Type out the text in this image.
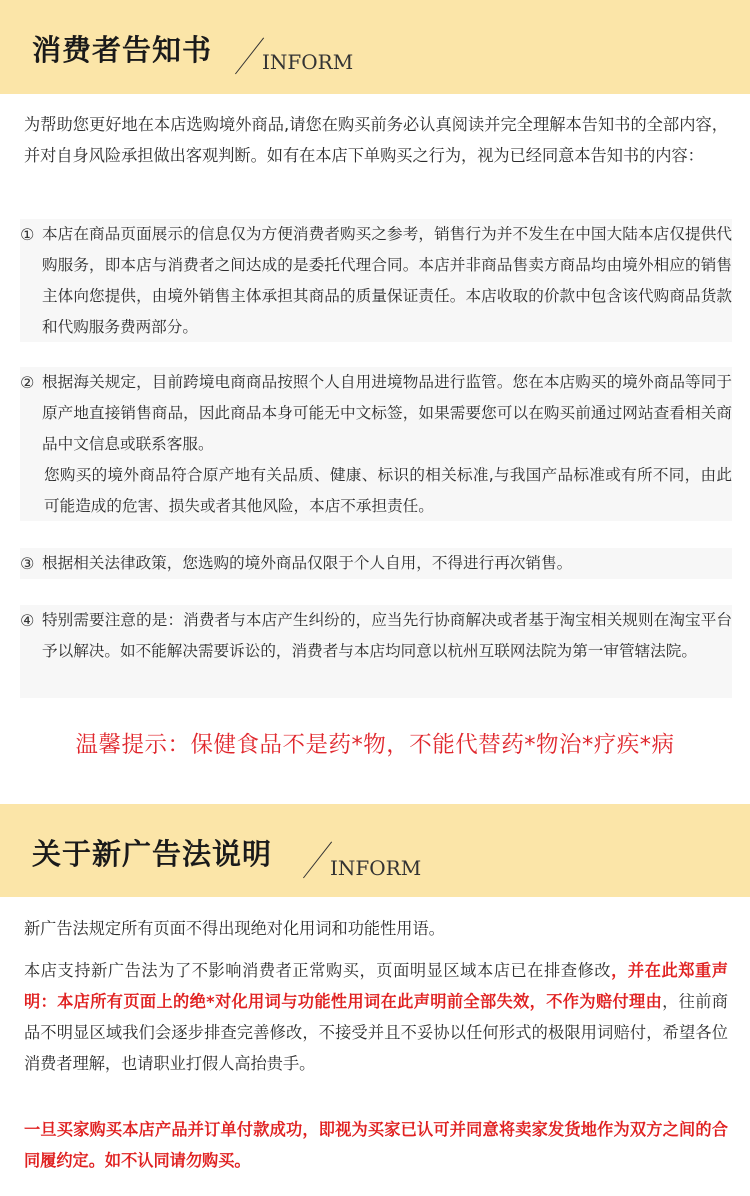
消费者告知书 INFORM
为帮助您更好地在本店选购境外商品,请您在购买前务必认真阅读并完全理解本告知书的全部内容，并对自身风险承担做出客观判断。如有在本店下单购买之行为，视为已经同意本告知书的内容：
① 本店在商品页面展示的信息仅为方便消费者购买之参考，销售行为并不发生在中国大陆本店仅提供代购服务，即本店与消费者之间达成的是委托代理合同。本店并非商品售卖方商品均由境外相应的销售主体向您提供，由境外销售主体承担其商品的质量保证责任。本店收取的价款中包含该代购商品货款和代购服务费两部分。
② 根据海关规定，目前跨境电商商品按照个人自用进境物品进行监管。您在本店购买的境外商品等同于原产地直接销售商品，因此商品本身可能无中文标签，如果需要您可以在购买前通过网站查看相关商品中文信息或联系客服。
您购买的境外商品符合原产地有关品质、健康、标识的相关标准,与我国产品标准或有所不同，由此可能造成的危害、损失或者其他风险，本店不承担责任。
③ 根据相关法律政策，您选购的境外商品仅限于个人自用，不得进行再次销售。
④ 特别需要注意的是：消费者与本店产生纠纷的，应当先行协商解决或者基于淘宝相关规则在淘宝平台予以解决。如不能解决需要诉讼的，消费者与本店均同意以杭州互联网法院为第一审管辖法院。
温馨提示：保健食品不是药*物，不能代替药*物治*疗疾*病
关于新广告法说明	INFORM
新广告法规定所有页面不得出现绝对化用词和功能性用语。
本店支持新广告法为了不影响消费者正常购买，页面明显区域本店已在排查修改，并在此郑重声明：本店所有页面上的绝*对化用词与功能性用词在此声明前全部失效，不作为赔付理由，往前商品不明显区域我们会逐步排查完善修改，不接受并且不妥协以任何形式的极限用词赔付，希望各位消费者理解，也请职业打假人高抬贵手。
一旦买家购买本店产品并订单付款成功，即视为买家已认可并同意将卖家发货地作为双方之间的合同履约定。如不认同请勿购买。
